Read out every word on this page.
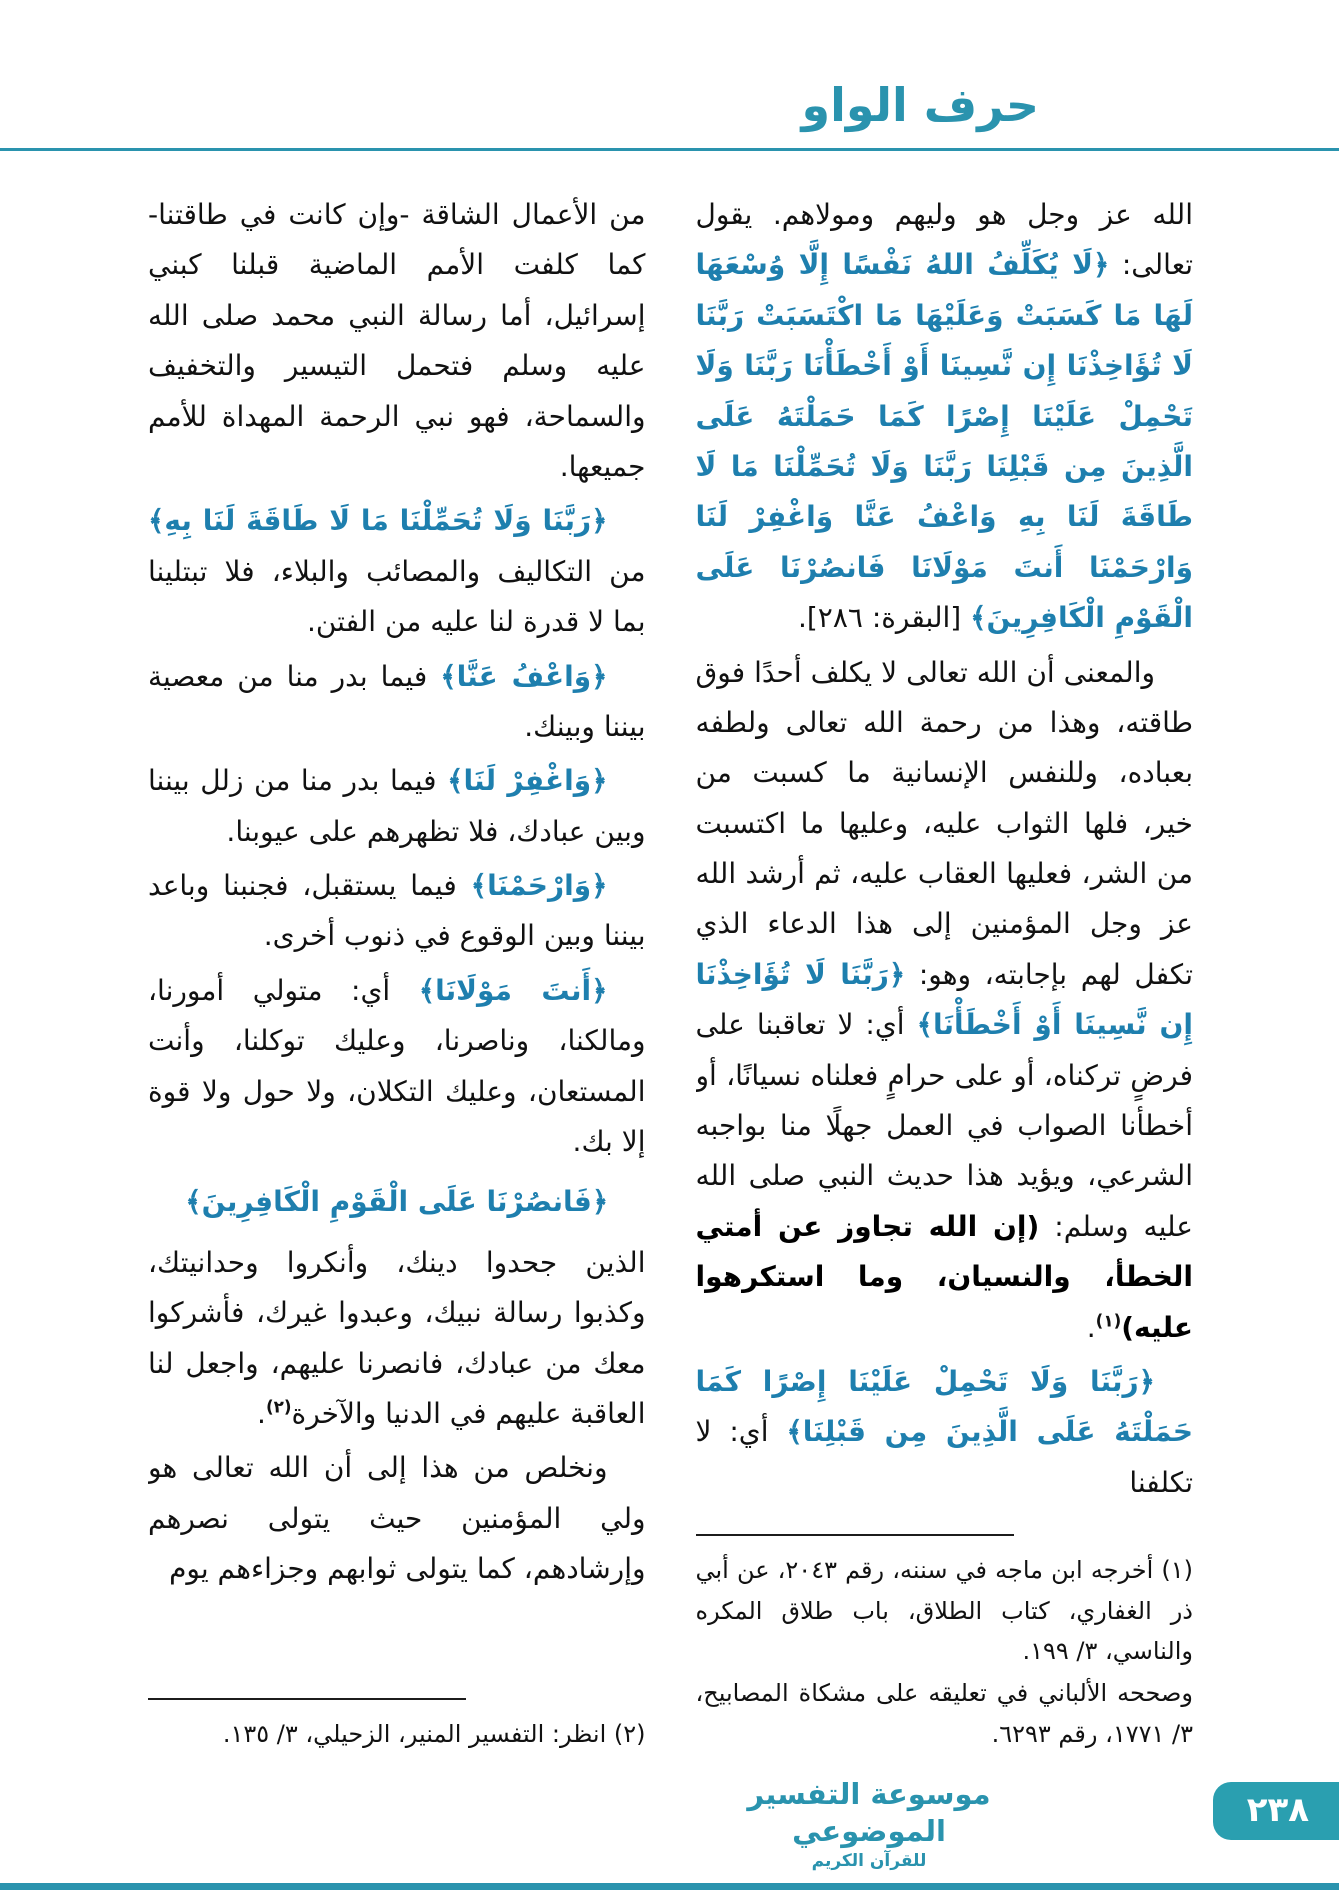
حرف الواو

الله عز وجل هو وليهم ومولاهم. يقول تعالى: ﴿لَا يُكَلِّفُ اللهُ نَفْسًا إِلَّا وُسْعَهَا لَهَا مَا كَسَبَتْ وَعَلَيْهَا مَا اكْتَسَبَتْ رَبَّنَا لَا تُؤَاخِذْنَا إِن نَّسِينَا أَوْ أَخْطَأْنَا رَبَّنَا وَلَا تَحْمِلْ عَلَيْنَا إِصْرًا كَمَا حَمَلْتَهُ عَلَى الَّذِينَ مِن قَبْلِنَا رَبَّنَا وَلَا تُحَمِّلْنَا مَا لَا طَاقَةَ لَنَا بِهِ وَاعْفُ عَنَّا وَاغْفِرْ لَنَا وَارْحَمْنَا أَنتَ مَوْلَانَا فَانصُرْنَا عَلَى الْقَوْمِ الْكَافِرِينَ﴾ [البقرة: ٢٨٦].

والمعنى أن الله تعالى لا يكلف أحدًا فوق طاقته، وهذا من رحمة الله تعالى ولطفه بعباده، وللنفس الإنسانية ما كسبت من خير، فلها الثواب عليه، وعليها ما اكتسبت من الشر، فعليها العقاب عليه، ثم أرشد الله عز وجل المؤمنين إلى هذا الدعاء الذي تكفل لهم بإجابته، وهو: ﴿رَبَّنَا لَا تُؤَاخِذْنَا إِن نَّسِينَا أَوْ أَخْطَأْنَا﴾ أي: لا تعاقبنا على فرضٍ تركناه، أو على حرامٍ فعلناه نسيانًا، أو أخطأنا الصواب في العمل جهلًا منا بواجبه الشرعي، ويؤيد هذا حديث النبي صلى الله عليه وسلم: (إن الله تجاوز عن أمتي الخطأ، والنسيان، وما استكرهوا عليه)$^{(١)}$.

﴿رَبَّنَا وَلَا تَحْمِلْ عَلَيْنَا إِصْرًا كَمَا حَمَلْتَهُ عَلَى الَّذِينَ مِن قَبْلِنَا﴾ أي: لا تكلفنا

(١) أخرجه ابن ماجه في سننه، رقم ٢٠٤٣، عن أبي ذر الغفاري، كتاب الطلاق، باب طلاق المكره والناسي، ٣/ ١٩٩.

وصححه الألباني في تعليقه على مشكاة المصابيح، ٣/ ١٧٧١، رقم ٦٢٩٣.

من الأعمال الشاقة -وإن كانت في طاقتنا- كما كلفت الأمم الماضية قبلنا كبني إسرائيل، أما رسالة النبي محمد صلى الله عليه وسلم فتحمل التيسير والتخفيف والسماحة، فهو نبي الرحمة المهداة للأمم جميعها.

﴿رَبَّنَا وَلَا تُحَمِّلْنَا مَا لَا طَاقَةَ لَنَا بِهِ﴾ من التكاليف والمصائب والبلاء، فلا تبتلينا بما لا قدرة لنا عليه من الفتن.

﴿وَاعْفُ عَنَّا﴾ فيما بدر منا من معصية بيننا وبينك.

﴿وَاغْفِرْ لَنَا﴾ فيما بدر منا من زلل بيننا وبين عبادك، فلا تظهرهم على عيوبنا.

﴿وَارْحَمْنَا﴾ فيما يستقبل، فجنبنا وباعد بيننا وبين الوقوع في ذنوب أخرى.

﴿أَنتَ مَوْلَانَا﴾ أي: متولي أمورنا، ومالكنا، وناصرنا، وعليك توكلنا، وأنت المستعان، وعليك التكلان، ولا حول ولا قوة إلا بك.

﴿فَانصُرْنَا عَلَى الْقَوْمِ الْكَافِرِينَ﴾

الذين جحدوا دينك، وأنكروا وحدانيتك، وكذبوا رسالة نبيك، وعبدوا غيرك، فأشركوا معك من عبادك، فانصرنا عليهم، واجعل لنا العاقبة عليهم في الدنيا والآخرة$^{(٢)}$.

ونخلص من هذا إلى أن الله تعالى هو ولي المؤمنين حيث يتولى نصرهم وإرشادهم، كما يتولى ثوابهم وجزاءهم يوم

(٢) انظر: التفسير المنير، الزحيلي، ٣/ ١٣٥.

موسوعة التفسير الموضوعي
للقرآن الكريم
٢٣٨
